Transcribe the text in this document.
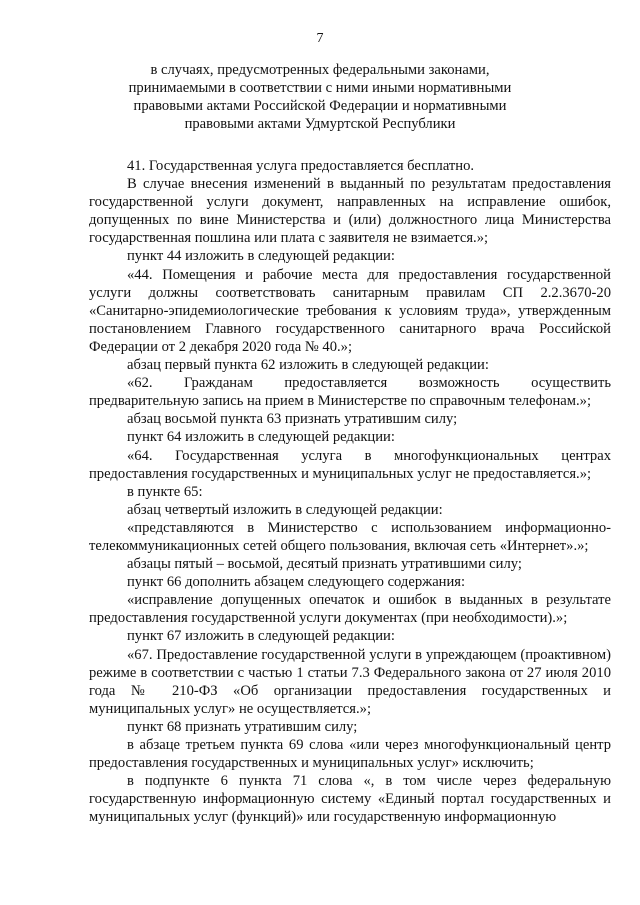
7
в случаях, предусмотренных федеральными законами,
принимаемыми в соответствии с ними иными нормативными
правовыми актами Российской Федерации и нормативными
правовыми актами Удмуртской Республики

41. Государственная услуга предоставляется бесплатно.

В случае внесения изменений в выданный по результатам предоставления государственной услуги документ, направленных на исправление ошибок, допущенных по вине Министерства и (или) должностного лица Министерства государственная пошлина или плата с заявителя не взимается.»;

пункт 44 изложить в следующей редакции:

«44. Помещения и рабочие места для предоставления государственной услуги должны соответствовать санитарным правилам СП 2.2.3670-20 «Санитарно-эпидемиологические требования к условиям труда», утвержденным постановлением Главного государственного санитарного врача Российской Федерации от 2 декабря 2020 года № 40.»;

абзац первый пункта 62 изложить в следующей редакции:

«62. Гражданам предоставляется возможность осуществить предварительную запись на прием в Министерстве по справочным телефонам.»;

абзац восьмой пункта 63 признать утратившим силу;

пункт 64 изложить в следующей редакции:

«64. Государственная услуга в многофункциональных центрах предоставления государственных и муниципальных услуг не предоставляется.»;

в пункте 65:

абзац четвертый изложить в следующей редакции:

«представляются в Министерство с использованием информационно-телекоммуникационных сетей общего пользования, включая сеть «Интернет».»;

абзацы пятый – восьмой, десятый признать утратившими силу;

пункт 66 дополнить абзацем следующего содержания:

«исправление допущенных опечаток и ошибок в выданных в результате предоставления государственной услуги документах (при необходимости).»;

пункт 67 изложить в следующей редакции:

«67. Предоставление государственной услуги в упреждающем (проактивном) режиме в соответствии с частью 1 статьи 7.3 Федерального закона от 27 июля 2010 года № 210-ФЗ «Об организации предоставления государственных и муниципальных услуг» не осуществляется.»;

пункт 68 признать утратившим силу;

в абзаце третьем пункта 69 слова «или через многофункциональный центр предоставления государственных и муниципальных услуг» исключить;

в подпункте 6 пункта 71 слова «, в том числе через федеральную государственную информационную систему «Единый портал государственных и муниципальных услуг (функций)» или государственную информационную
